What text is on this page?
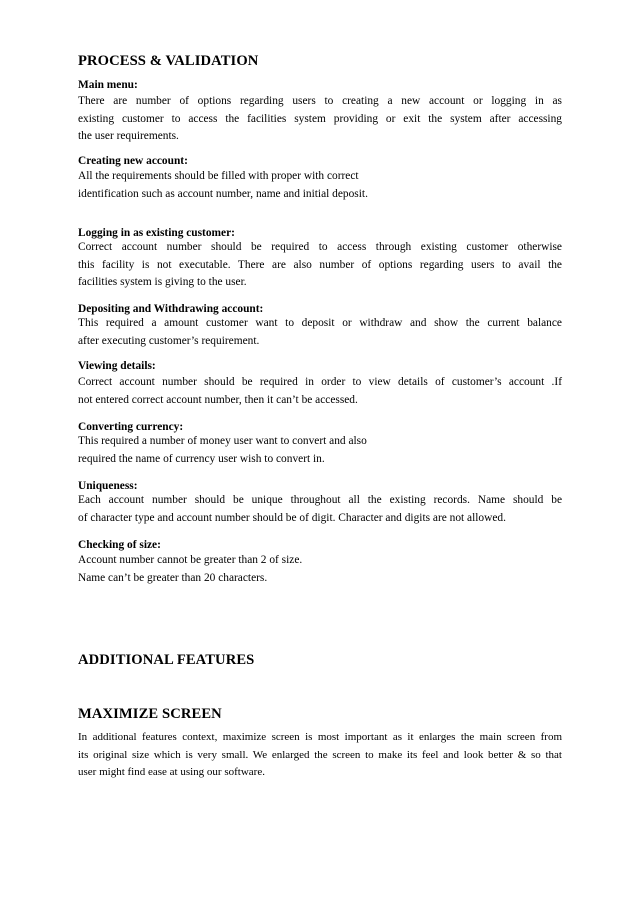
PROCESS & VALIDATION
Main menu:
There are number of options regarding users to creating a new account or logging in as
existing customer to access the facilities system providing or exit the system after accessing
the user requirements.
Creating new account:
All the requirements should be filled with proper with correct
identification such as account number, name and initial deposit.
Logging in as existing customer:
Correct account number should be required to access through existing customer otherwise
this facility is not executable. There are also number of options regarding users to avail the
facilities system is giving to the user.
Depositing and Withdrawing account:
This required a amount customer want to deposit or withdraw and show the current balance
after executing customer’s requirement.
Viewing details:
Correct account number should be required in order to view details of customer’s account .If
not entered correct account number, then it can’t be accessed.
Converting currency:
This required a number of money user want to convert and also
required the name of currency user wish to convert in.
Uniqueness:
Each account number should be unique throughout all the existing records. Name should be
of character type and account number should be of digit. Character and digits are not allowed.
Checking of size:
Account number cannot be greater than 2 of size.
Name can’t be greater than 20 characters.
ADDITIONAL FEATURES
MAXIMIZE SCREEN
In additional features context, maximize screen is most important as it enlarges the main screen from
its original size which is very small. We enlarged the screen to make its feel and look better & so that
user might find ease at using our software.
